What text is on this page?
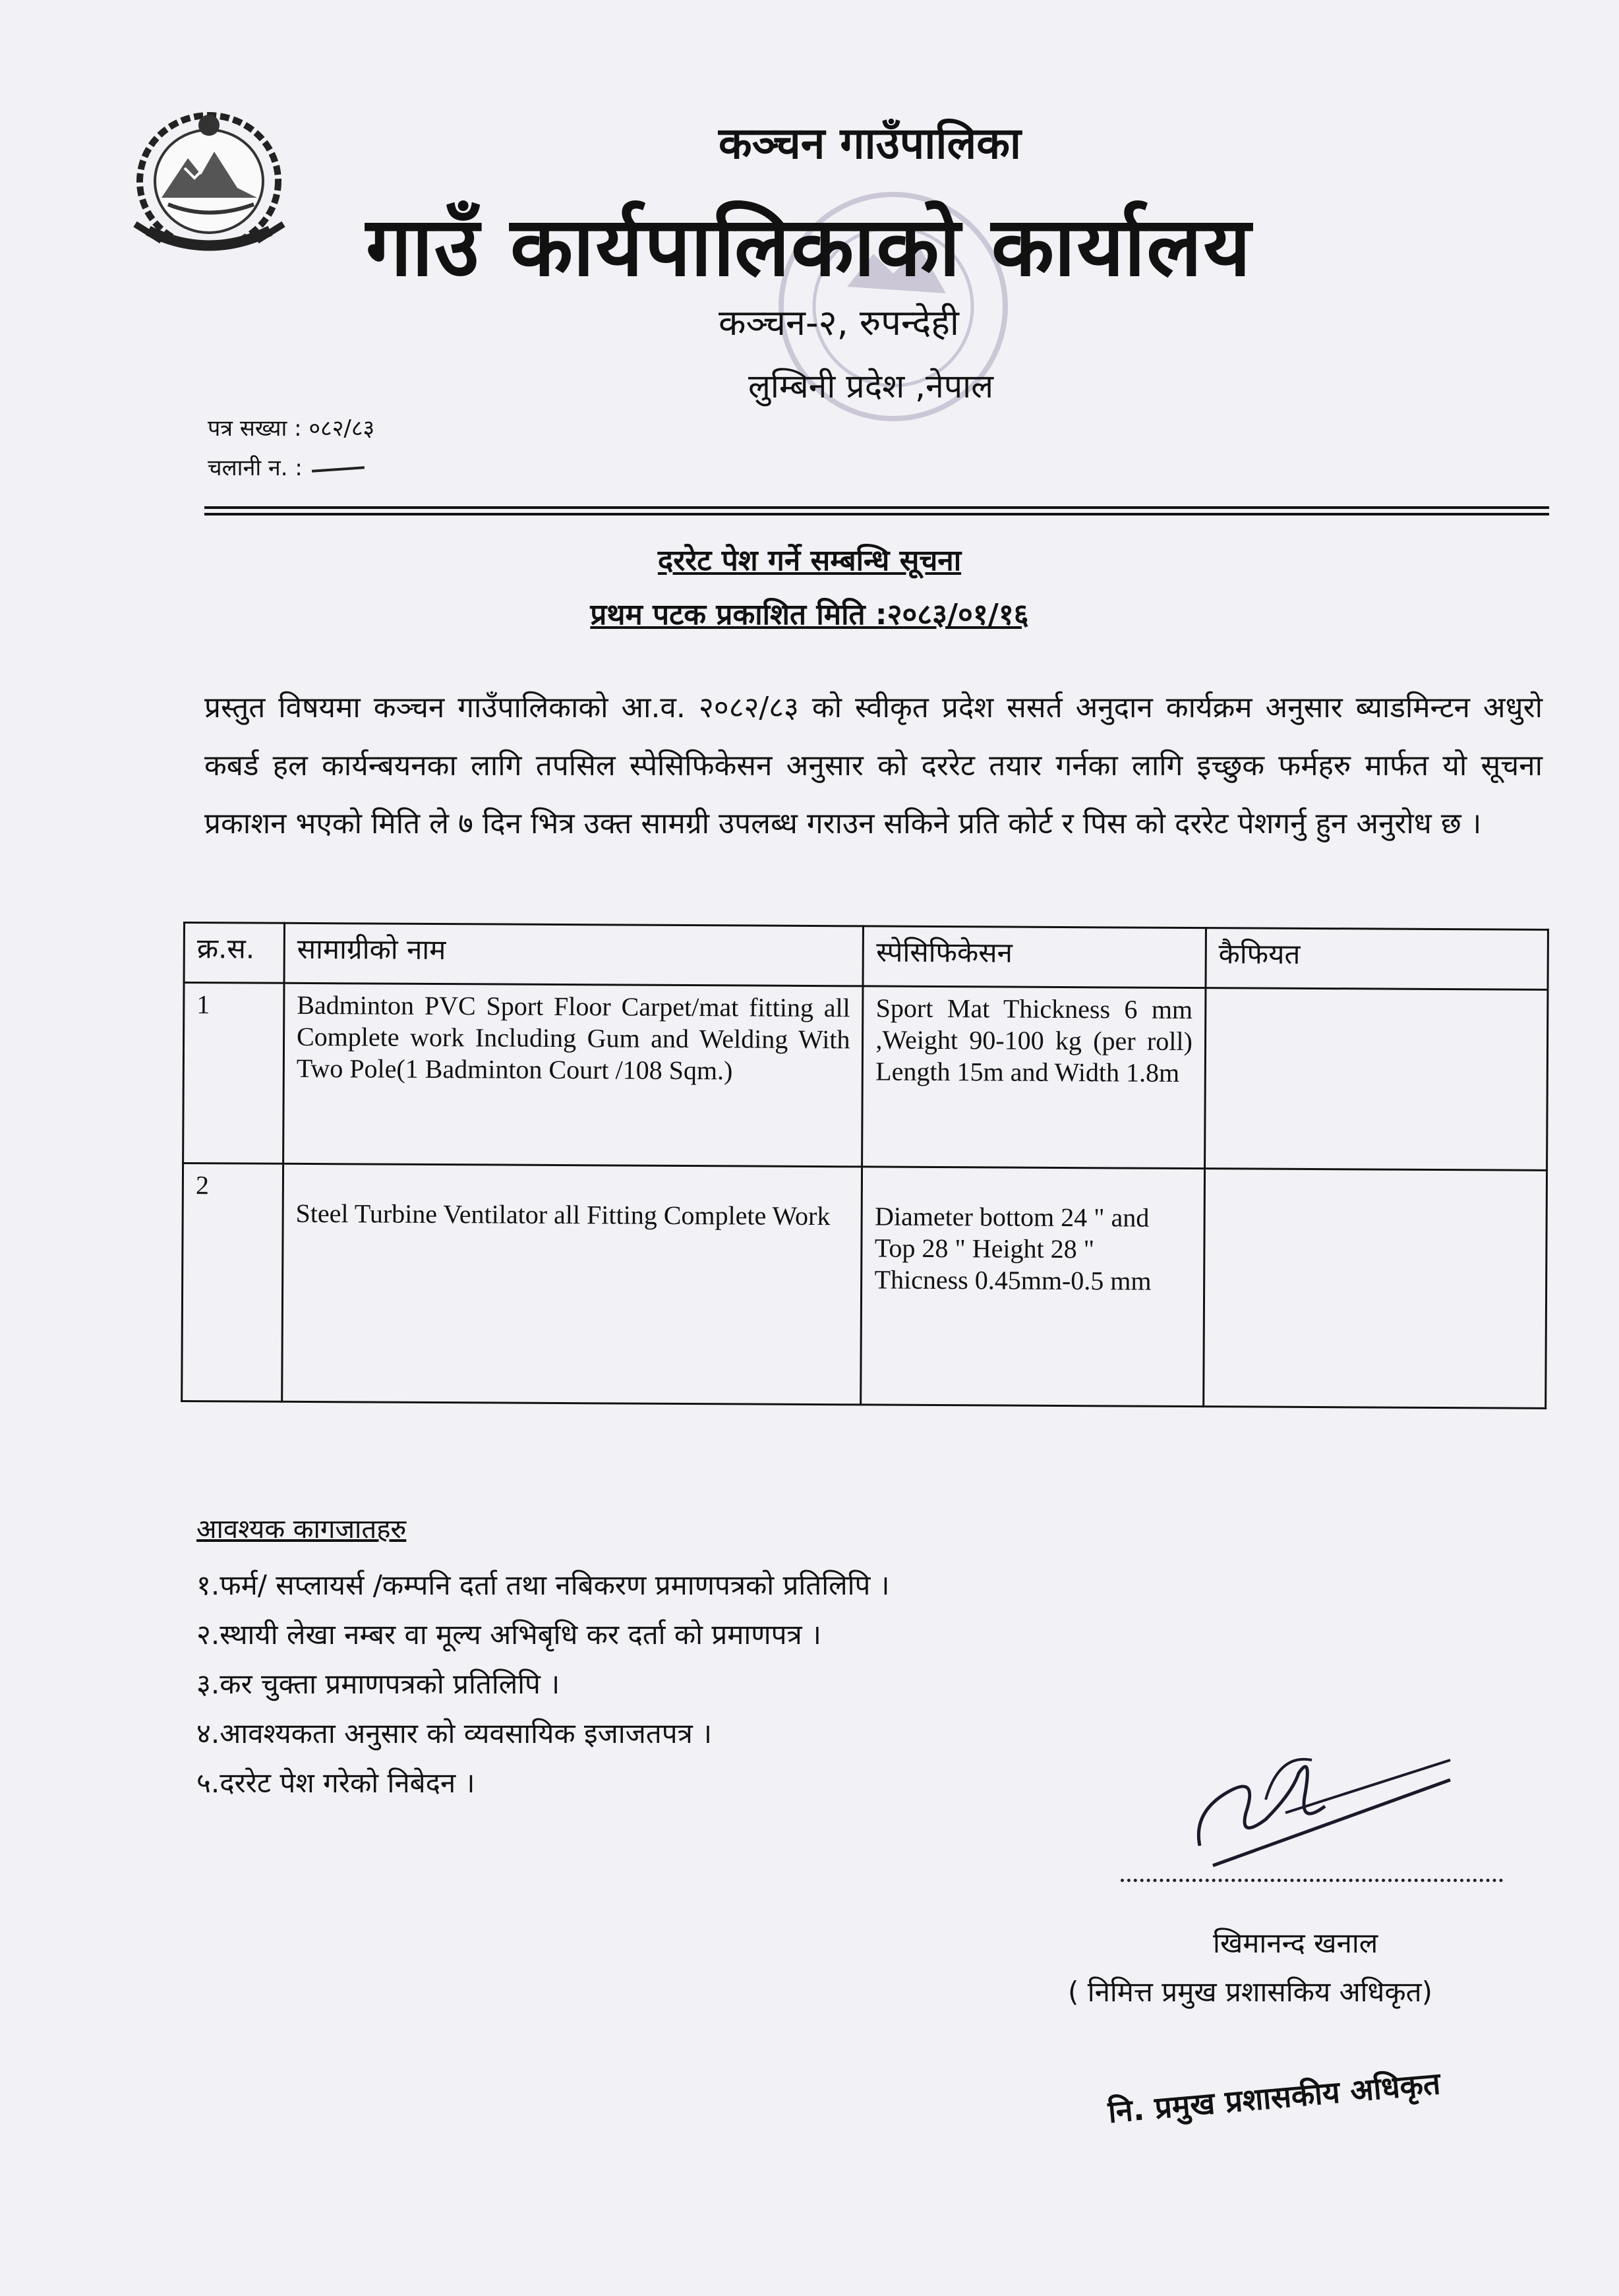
कञ्चन गाउँपालिका
गाउँ कार्यपालिकाको कार्यालय
कञ्चन-२, रुपन्देही
लुम्बिनी प्रदेश ,नेपाल
पत्र सख्या : ०८२/८३
चलानी न. :
दररेट पेश गर्ने सम्बन्धि सूचना
प्रथम पटक प्रकाशित मिति :२०८३/०१/१६
प्रस्तुत विषयमा कञ्चन गाउँपालिकाको आ.व. २०८२/८३ को स्वीकृत प्रदेश ससर्त अनुदान कार्यक्रम अनुसार ब्याडमिन्टन अधुरो कबर्ड हल कार्यन्बयनका लागि तपसिल स्पेसिफिकेसन अनुसार को दररेट तयार गर्नका लागि इच्छुक फर्महरु मार्फत यो सूचना प्रकाशन भएको मिति ले ७ दिन भित्र उक्त सामग्री उपलब्ध गराउन सकिने प्रति कोर्ट र पिस को दररेट पेशगर्नु हुन अनुरोध छ ।
क्र.स.	सामाग्रीको नाम	स्पेसिफिकेसन	कैफियत
1	Badminton PVC Sport Floor Carpet/mat fitting all Complete work Including Gum and Welding With Two Pole(1 Badminton Court /108 Sqm.)	Sport Mat Thickness 6 mm ,Weight 90-100 kg (per roll) Length 15m and Width 1.8m	
2	Steel Turbine Ventilator all Fitting Complete Work	Diameter bottom 24 " and Top 28 " Height 28 " Thicness 0.45mm-0.5 mm	
आवश्यक कागजातहरु
१.फर्म/ सप्लायर्स /कम्पनि दर्ता तथा नबिकरण प्रमाणपत्रको प्रतिलिपि ।
२.स्थायी लेखा नम्बर वा मूल्य अभिबृधि कर दर्ता को प्रमाणपत्र ।
३.कर चुक्ता प्रमाणपत्रको प्रतिलिपि ।
४.आवश्यकता अनुसार को व्यवसायिक इजाजतपत्र ।
५.दररेट पेश गरेको निबेदन ।
खिमानन्द खनाल
( निमित्त प्रमुख प्रशासकिय अधिकृत)
नि. प्रमुख प्रशासकीय अधिकृत
